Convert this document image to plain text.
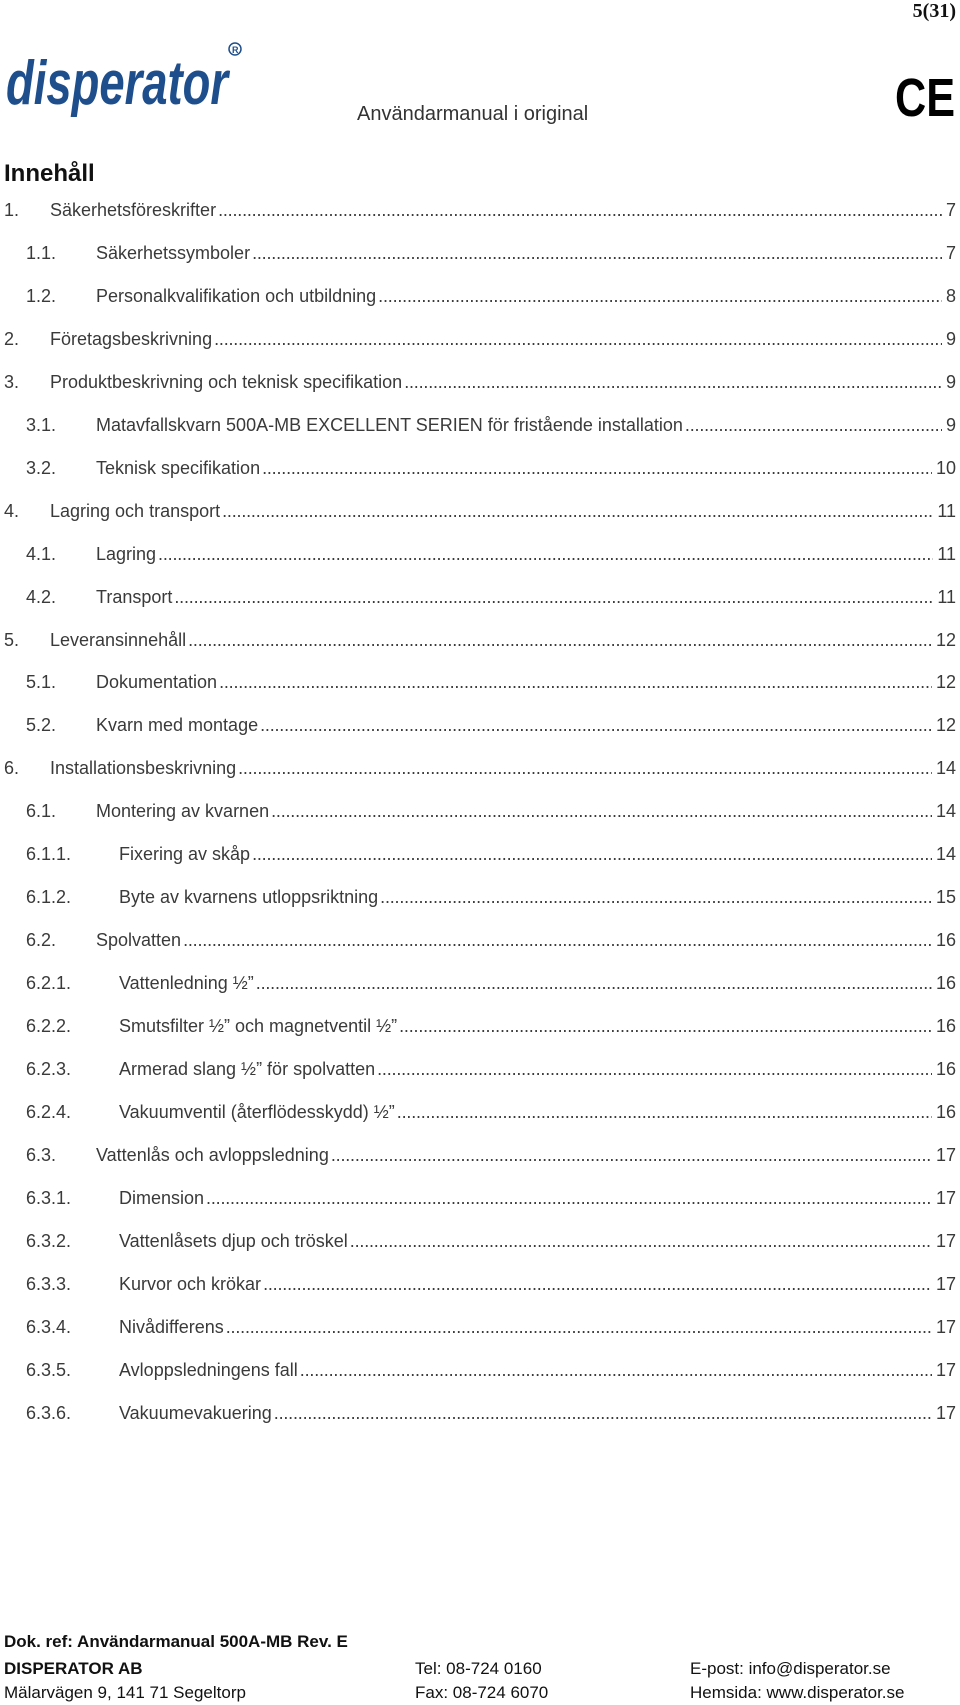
5(31)
disperator R
Användarmanual i original	CE
Innehåll
1. Säkerhetsföreskrifter . . .	7
1.1. Säkerhetssymboler . . .	7
1.2. Personalkvalifikation och utbildning . . .	8
2. Företagsbeskrivning . . .	9
3. Produktbeskrivning och teknisk specifikation . . .	9
3.1. Matavfallskvarn 500A-MB EXCELLENT SERIEN för fristående installation . . .	9
3.2. Teknisk specifikation . . .	10
4. Lagring och transport . . .	11
4.1. Lagring . . .	11
4.2. Transport . . .	11
5. Leveransinnehåll . . .	12
5.1. Dokumentation . . .	12
5.2. Kvarn med montage . . .	12
6. Installationsbeskrivning . . .	14
6.1. Montering av kvarnen . . .	14
6.1.1.	Fixering av skåp . . .	14
6.1.2.	Byte av kvarnens utloppsriktning . . .	15
6.2. Spolvatten . . .	16
6.2.1.	Vattenledning ½” . . .	16
6.2.2.	Smutsfilter ½” och magnetventil ½” . . .	16
6.2.3.	Armerad slang ½” för spolvatten . . .	16
6.2.4.	Vakuumventil (återflödesskydd) ½” . . .	16
6.3. Vattenlås och avloppsledning . . .	17
6.3.1.	Dimension . . .	17
6.3.2.	Vattenlåsets djup och tröskel . . .	17
6.3.3.	Kurvor och krökar . . .	17
6.3.4.	Nivådifferens . . .	17
6.3.5.	Avloppsledningens fall . . .	17
6.3.6.	Vakuumevakuering . . .	17
Dok. ref: Användarmanual 500A-MB Rev. E
DISPERATOR AB	Tel: 08-724 0160	E-post: info@disperator.se
Mälarvägen 9, 141 71 Segeltorp	Fax: 08-724 6070	Hemsida: www.disperator.se
